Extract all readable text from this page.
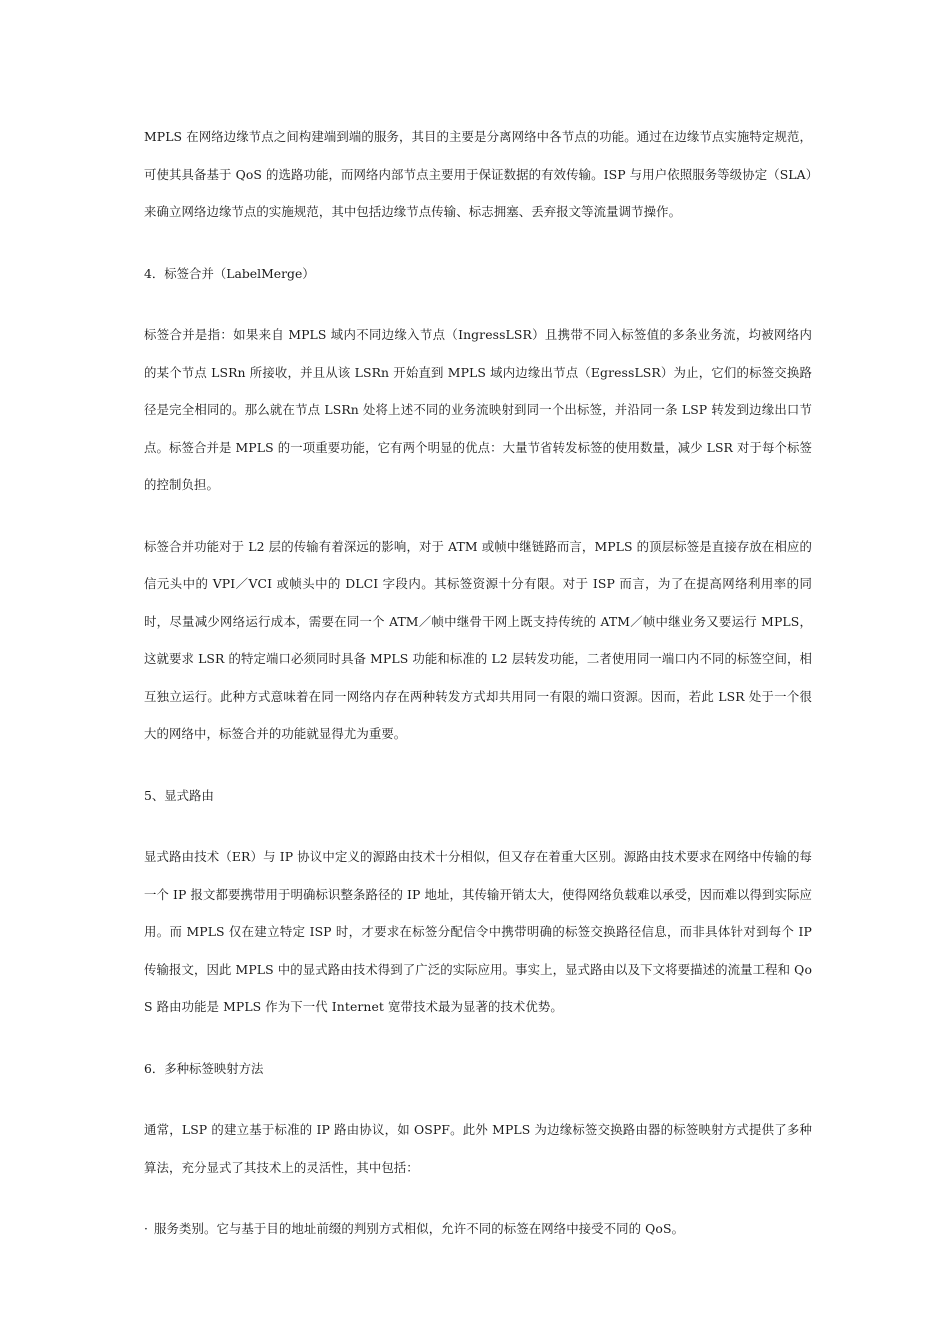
MPLS 在网络边缘节点之间构建端到端的服务，其目的主要是分离网络中各节点的功能。通过在边缘节点实施特定规范，可使其具备基于 QoS 的选路功能，而网络内部节点主要用于保证数据的有效传输。ISP 与用户依照服务等级协定（SLA）来确立网络边缘节点的实施规范，其中包括边缘节点传输、标志拥塞、丢弃报文等流量调节操作。

4．标签合并（LabelMerge）

标签合并是指：如果来自 MPLS 域内不同边缘入节点（IngressLSR）且携带不同入标签值的多条业务流，均被网络内的某个节点 LSRn 所接收，并且从该 LSRn 开始直到 MPLS 域内边缘出节点（EgressLSR）为止，它们的标签交换路径是完全相同的。那么就在节点 LSRn 处将上述不同的业务流映射到同一个出标签，并沿同一条 LSP 转发到边缘出口节点。标签合并是 MPLS 的一项重要功能，它有两个明显的优点：大量节省转发标签的使用数量，减少 LSR 对于每个标签的控制负担。

标签合并功能对于 L2 层的传输有着深远的影响，对于 ATM 或帧中继链路而言，MPLS 的顶层标签是直接存放在相应的信元头中的 VPI／VCI 或帧头中的 DLCI 字段内。其标签资源十分有限。对于 ISP 而言，为了在提高网络利用率的同时，尽量减少网络运行成本，需要在同一个 ATM／帧中继骨干网上既支持传统的 ATM／帧中继业务又要运行 MPLS，这就要求 LSR 的特定端口必须同时具备 MPLS 功能和标准的 L2 层转发功能，二者使用同一端口内不同的标签空间，相互独立运行。此种方式意味着在同一网络内存在两种转发方式却共用同一有限的端口资源。因而，若此 LSR 处于一个很大的网络中，标签合并的功能就显得尤为重要。

5、显式路由

显式路由技术（ER）与 IP 协议中定义的源路由技术十分相似，但又存在着重大区别。源路由技术要求在网络中传输的每一个 IP 报文都要携带用于明确标识整条路径的 IP 地址，其传输开销太大，使得网络负载难以承受，因而难以得到实际应用。而 MPLS 仅在建立特定 ISP 时，才要求在标签分配信令中携带明确的标签交换路径信息，而非具体针对到每个 IP 传输报文，因此 MPLS 中的显式路由技术得到了广泛的实际应用。事实上，显式路由以及下文将要描述的流量工程和 QoS 路由功能是 MPLS 作为下一代 Internet 宽带技术最为显著的技术优势。

6．多种标签映射方法

通常，LSP 的建立基于标准的 IP 路由协议，如 OSPF。此外 MPLS 为边缘标签交换路由器的标签映射方式提供了多种算法，充分显式了其技术上的灵活性，其中包括：

· 服务类别。它与基于目的地址前缀的判别方式相似，允许不同的标签在网络中接受不同的 QoS。
